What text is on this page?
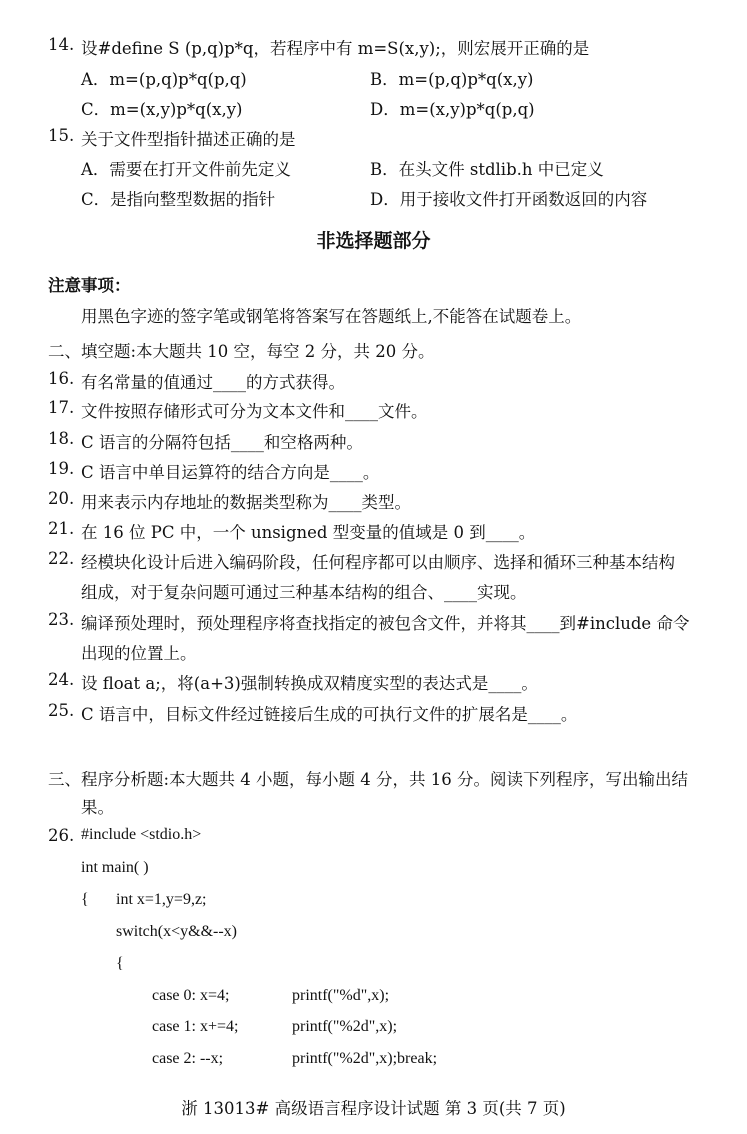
14. 设#define S (p,q)p*q，若程序中有 m=S(x,y);，则宏展开正确的是
A．m=(p,q)p*q(p,q)	B．m=(p,q)p*q(x,y)
C．m=(x,y)p*q(x,y)	D．m=(x,y)p*q(p,q)
15. 关于文件型指针描述正确的是
A．需要在打开文件前先定义	B．在头文件 stdlib.h 中已定义
C．是指向整型数据的指针	D．用于接收文件打开函数返回的内容
非选择题部分
注意事项：
用黑色字迹的签字笔或钢笔将答案写在答题纸上,不能答在试题卷上。
二、填空题:本大题共 10 空，每空 2 分，共 20 分。
16. 有名常量的值通过____的方式获得。
17. 文件按照存储形式可分为文本文件和____文件。
18. C 语言的分隔符包括____和空格两种。
19. C 语言中单目运算符的结合方向是____。
20. 用来表示内存地址的数据类型称为____类型。
21. 在 16 位 PC 中，一个 unsigned 型变量的值域是 0 到____。
22. 经模块化设计后进入编码阶段，任何程序都可以由顺序、选择和循环三种基本结构
组成，对于复杂问题可通过三种基本结构的组合、____实现。
23. 编译预处理时，预处理程序将查找指定的被包含文件，并将其____到#include 命令
出现的位置上。
24. 设 float a;，将(a+3)强制转换成双精度实型的表达式是____。
25. C 语言中，目标文件经过链接后生成的可执行文件的扩展名是____。
三、程序分析题:本大题共 4 小题，每小题 4 分，共 16 分。阅读下列程序，写出输出结
果。
26. #include <stdio.h>
int main( )
{ int x=1,y=9,z;
switch(x<y&&--x)
{
case 0: x=4;	printf("%d",x);
case 1: x+=4;	printf("%2d",x);
case 2: --x;	printf("%2d",x);break;
浙 13013# 高级语言程序设计试题 第 3 页(共 7 页)
